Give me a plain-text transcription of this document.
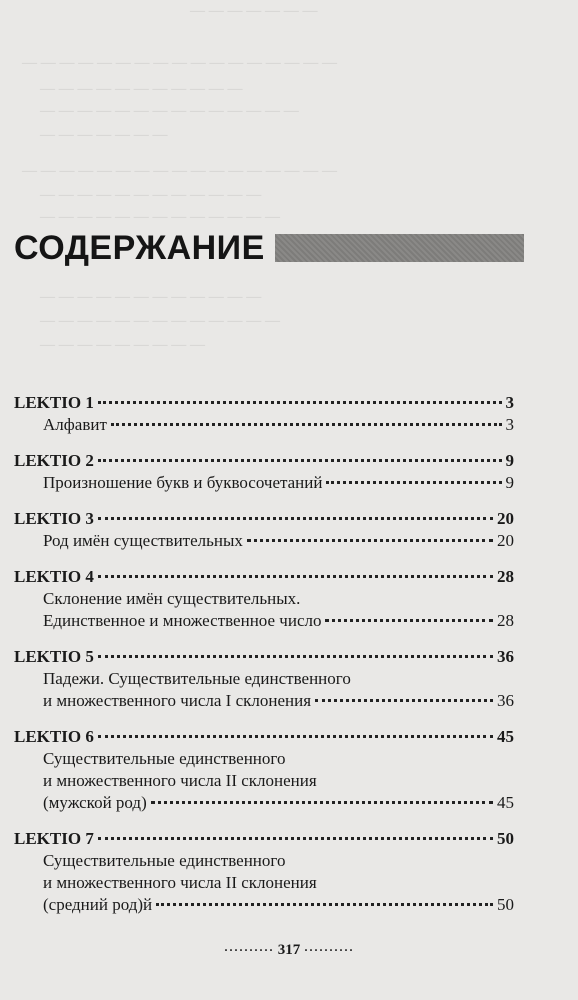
— — — — — — —
— — — — — — — — — — — — — — — — —
— — — — — — — — — — —
— — — — — — — — — — — — — —
— — — — — — —
— — — — — — — — — — — — — — — — —
— — — — — — — — — — — —
— — — — — — — — — — — — —
— — — — — — — — — — — —
— — — — — — — — — — — — —
— — — — — — — — —
СОДЕРЖАНИЕ
LEKTIO 1	3
Алфавит	3
LEKTIO 2	9
Произношение букв и буквосочетаний	9
LEKTIO 3	20
Род имён существительных	20
LEKTIO 4	28
Склонение имён существительных.
Единственное и множественное число	28
LEKTIO 5	36
Падежи. Существительные единственного
и множественного числа I склонения	36
LEKTIO 6	45
Существительные единственного
и множественного числа II склонения
(мужской род)	45
LEKTIO 7	50
Существительные единственного
и множественного числа II склонения
(средний род)й	50
·········· 317 ··········
